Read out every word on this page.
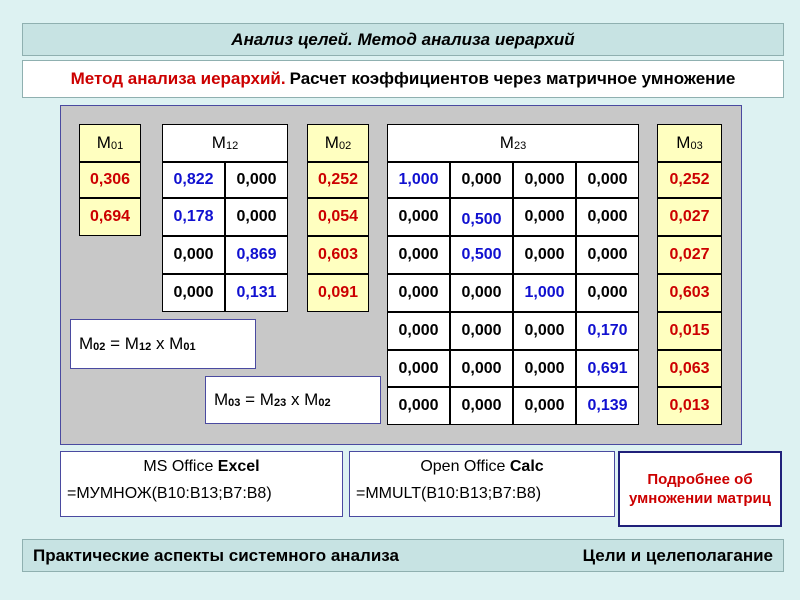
Анализ целей. Метод анализа иерархий
Метод анализа иерархий. Расчет коэффициентов через матричное умножение
$M_{01}$
0,306
0,694
$M_{12}$
0,822	0,000
0,178	0,000
0,000	0,869
0,000	0,131
$M_{02}$
0,252
0,054
0,603
0,091
$M_{23}$
1,000	0,000	0,000	0,000
0,000	0,500	0,000	0,000
0,000	0,500	0,000	0,000
0,000	0,000	1,000	0,000
0,000	0,000	0,000	0,170
0,000	0,000	0,000	0,691
0,000	0,000	0,000	0,139
$M_{03}$
0,252
0,027
0,027
0,603
0,015
0,063
0,013
$M_{02} = M_{12}$ x $M_{01}$
$M_{03} = M_{23}$ x $M_{02}$
MS Office Excel
=МУМНОЖ(B10:B13;B7:B8)
Open Office Calc
=MMULT(B10:B13;B7:B8)
Подробнее об умножении матриц
Практические аспекты системного анализа	Цели и целеполагание
